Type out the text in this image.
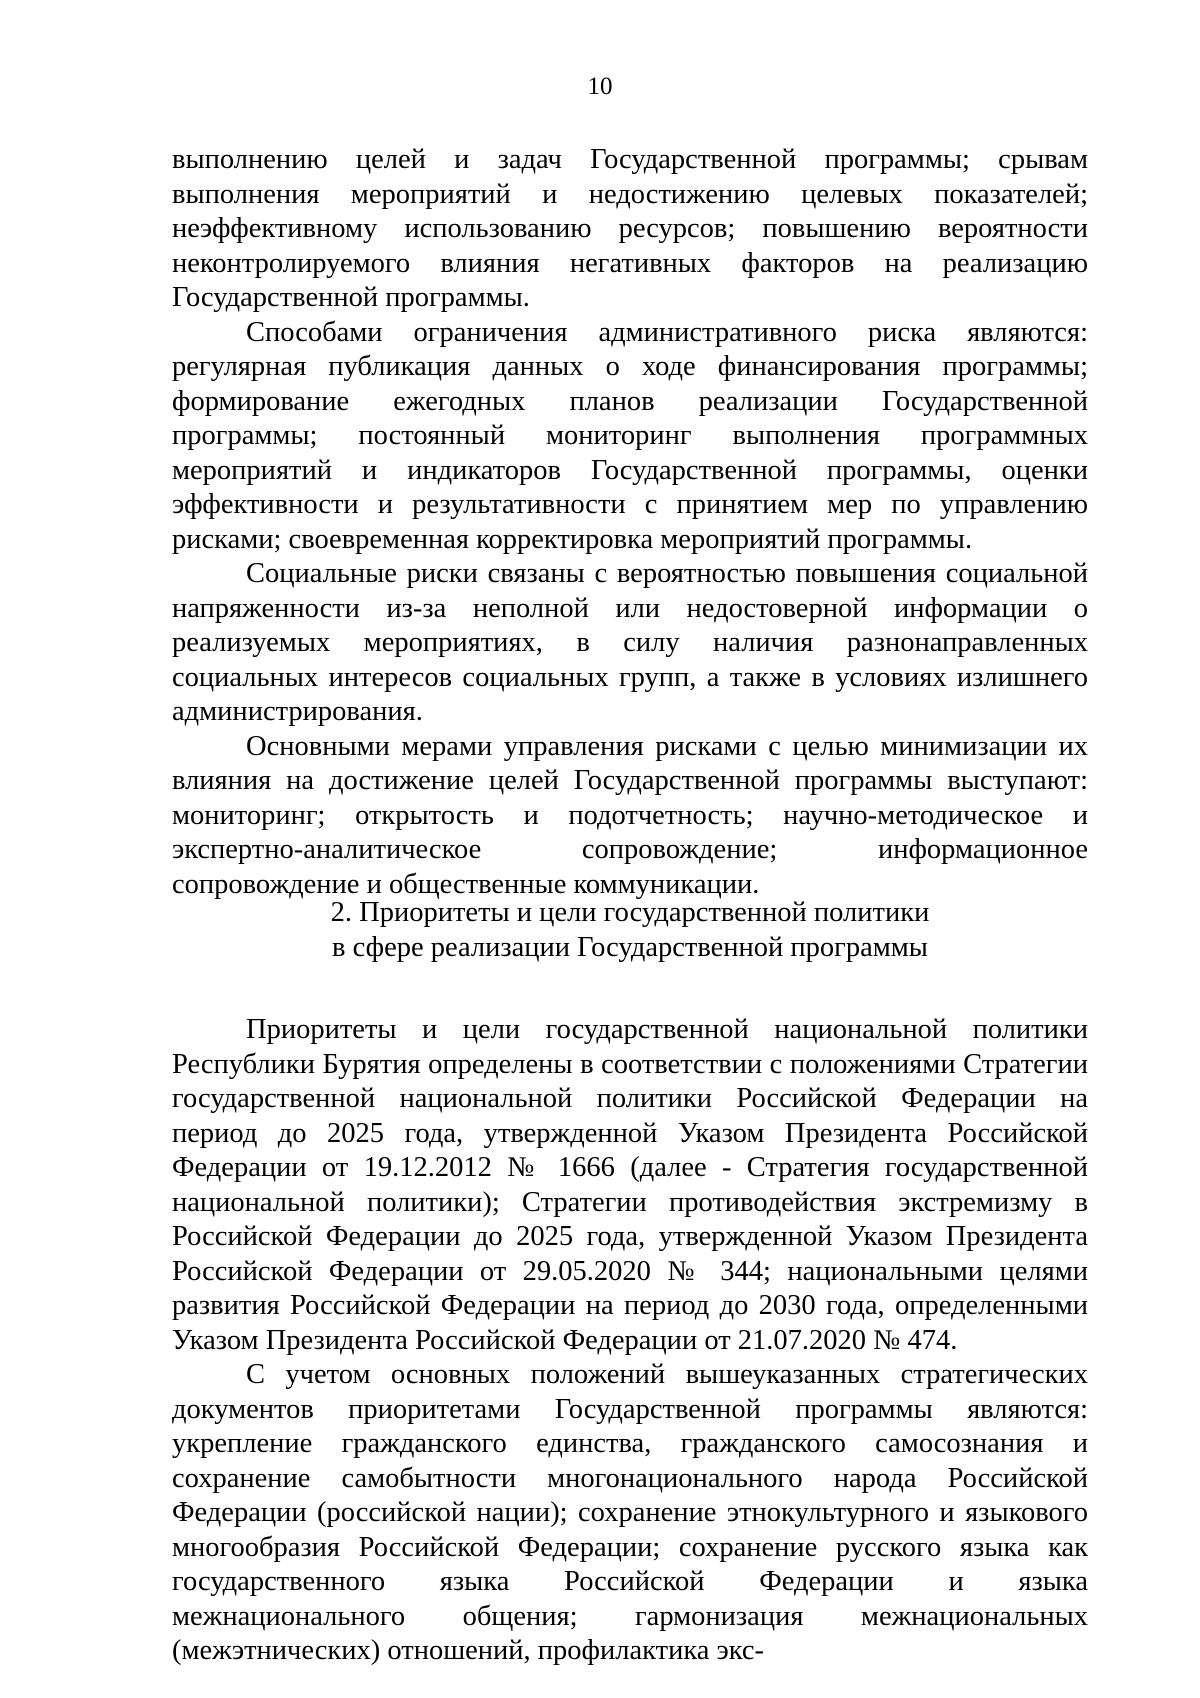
10

выполнению целей и задач Государственной программы; срывам выполнения мероприятий и недостижению целевых показателей; неэффективному использованию ресурсов; повышению вероятности неконтролируемого влияния негативных факторов на реализацию Государственной программы.

Способами ограничения административного риска являются: регулярная публикация данных о ходе финансирования программы; формирование ежегодных планов реализации Государственной программы; постоянный мониторинг выполнения программных мероприятий и индикаторов Государственной программы, оценки эффективности и результативности с принятием мер по управлению рисками; своевременная корректировка мероприятий программы.

Социальные риски связаны с вероятностью повышения социальной напряженности из-за неполной или недостоверной информации о реализуемых мероприятиях, в силу наличия разнонаправленных социальных интересов социальных групп, а также в условиях излишнего администрирования.

Основными мерами управления рисками с целью минимизации их влияния на достижение целей Государственной программы выступают: мониторинг; открытость и подотчетность; научно-методическое и экспертно-аналитическое сопровождение; информационное сопровождение и общественные коммуникации.

2. Приоритеты и цели государственной политики
в сфере реализации Государственной программы

Приоритеты и цели государственной национальной политики Республики Бурятия определены в соответствии с положениями Стратегии государственной национальной политики Российской Федерации на период до 2025 года, утвержденной Указом Президента Российской Федерации от 19.12.2012 № 1666 (далее - Стратегия государственной национальной политики); Стратегии противодействия экстремизму в Российской Федерации до 2025 года, утвержденной Указом Президента Российской Федерации от 29.05.2020 № 344; национальными целями развития Российской Федерации на период до 2030 года, определенными Указом Президента Российской Федерации от 21.07.2020 № 474.

С учетом основных положений вышеуказанных стратегических документов приоритетами Государственной программы являются: укрепление гражданского единства, гражданского самосознания и сохранение самобытности многонационального народа Российской Федерации (российской нации); сохранение этнокультурного и языкового многообразия Российской Федерации; сохранение русского языка как государственного языка Российской Федерации и языка межнационального общения; гармонизация межнациональных (межэтнических) отношений, профилактика экс-
